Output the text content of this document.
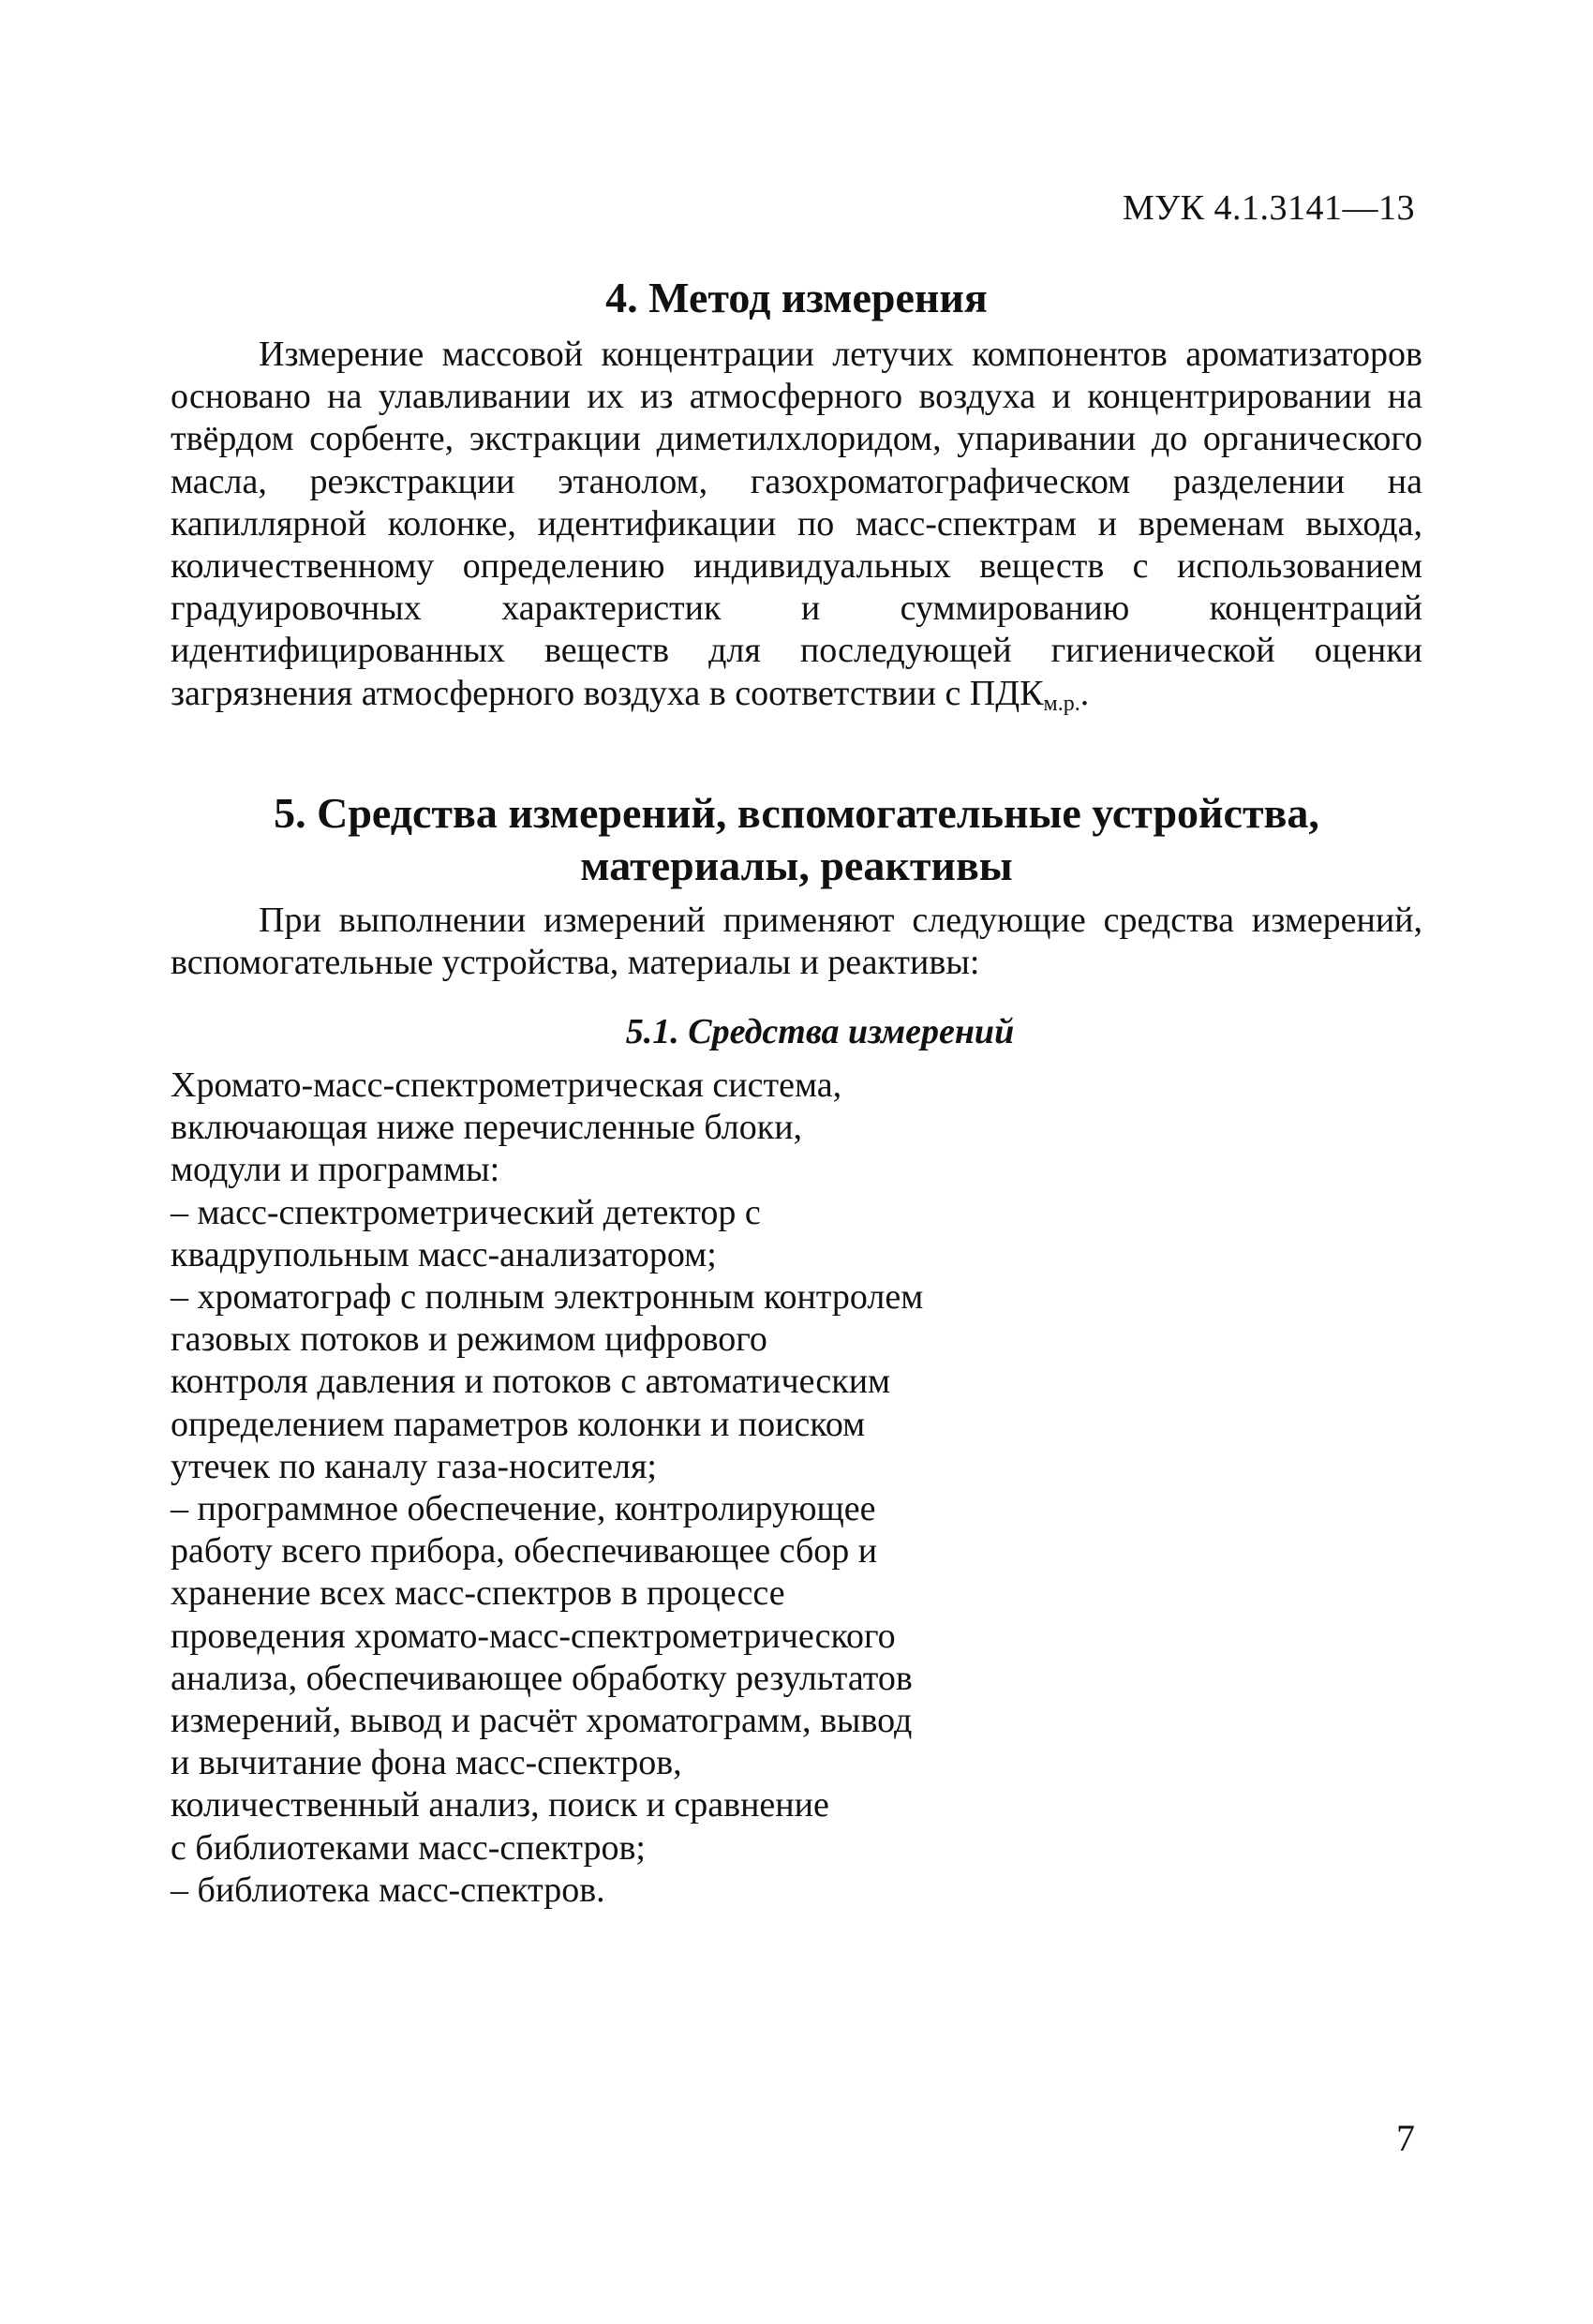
МУК 4.1.3141—13
4. Метод измерения

Измерение массовой концентрации летучих компонентов ароматизаторов основано на улавливании их из атмосферного воздуха и концентрировании на твёрдом сорбенте, экстракции диметилхлоридом, упаривании до органического масла, реэкстракции этанолом, газохроматографическом разделении на капиллярной колонке, идентификации по масс-спектрам и временам выхода, количественному определению индивидуальных веществ с использованием градуировочных характеристик и суммированию концентраций идентифицированных веществ для последующей гигиенической оценки загрязнения атмосферного воздуха в соответствии с $ПДК_{м.р.}$.

5. Средства измерений, вспомогательные устройства,
материалы, реактивы

При выполнении измерений применяют следующие средства измерений, вспомогательные устройства, материалы и реактивы:

5.1. Средства измерений
Хромато-масс-спектрометрическая система,
включающая ниже перечисленные блоки,
модули и программы:
– масс-спектрометрический детектор с
квадрупольным масс-анализатором;
– хроматограф с полным электронным контролем
газовых потоков и режимом цифрового
контроля давления и потоков с автоматическим
определением параметров колонки и поиском
утечек по каналу газа-носителя;
– программное обеспечение, контролирующее
работу всего прибора, обеспечивающее сбор и
хранение всех масс-спектров в процессе
проведения хромато-масс-спектрометрического
анализа, обеспечивающее обработку результатов
измерений, вывод и расчёт хроматограмм, вывод
и вычитание фона масс-спектров,
количественный анализ, поиск и сравнение
с библиотеками масс-спектров;
– библиотека масс-спектров.
7
